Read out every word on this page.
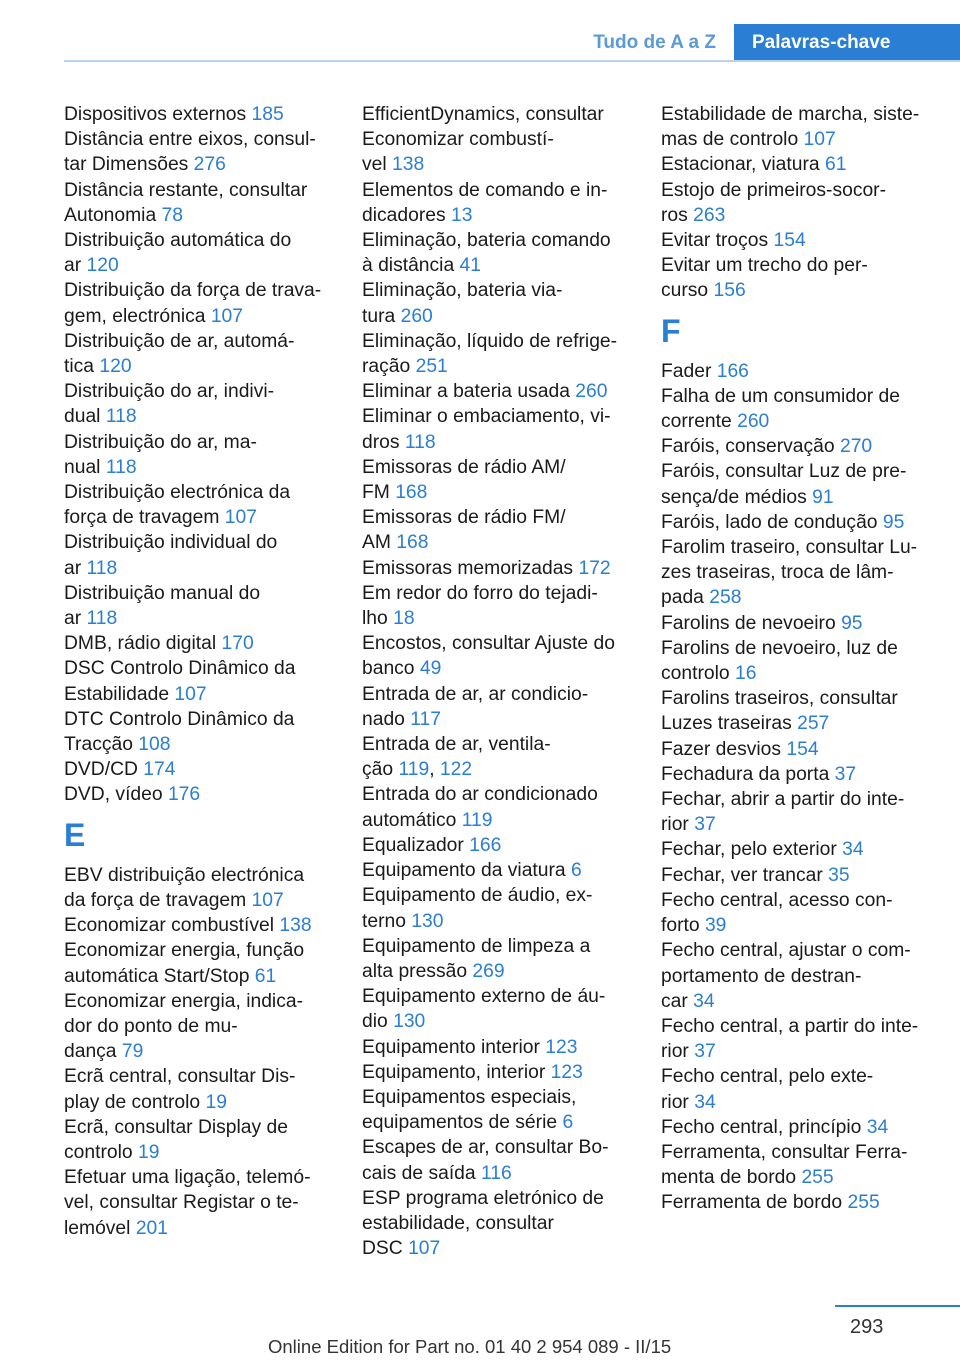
Tudo de A a Z	Palavras-chave
Dispositivos externos 185
Distância entre eixos, consul‐
tar Dimensões 276
Distância restante, consultar
Autonomia 78
Distribuição automática do
ar 120
Distribuição da força de trava‐
gem, electrónica 107
Distribuição de ar, automá‐
tica 120
Distribuição do ar, indivi‐
dual 118
Distribuição do ar, ma‐
nual 118
Distribuição electrónica da
força de travagem 107
Distribuição individual do
ar 118
Distribuição manual do
ar 118
DMB, rádio digital 170
DSC Controlo Dinâmico da
Estabilidade 107
DTC Controlo Dinâmico da
Tracção 108
DVD/CD 174
DVD, vídeo 176
E
EBV distribuição electrónica
da força de travagem 107
Economizar combustível 138
Economizar energia, função
automática Start/Stop 61
Economizar energia, indica‐
dor do ponto de mu‐
dança 79
Ecrã central, consultar Dis‐
play de controlo 19
Ecrã, consultar Display de
controlo 19
Efetuar uma ligação, telemó‐
vel, consultar Registar o te‐
lemóvel 201
EfficientDynamics, consultar
Economizar combustí‐
vel 138
Elementos de comando e in‐
dicadores 13
Eliminação, bateria comando
à distância 41
Eliminação, bateria via‐
tura 260
Eliminação, líquido de refrige‐
ração 251
Eliminar a bateria usada 260
Eliminar o embaciamento, vi‐
dros 118
Emissoras de rádio AM/
FM 168
Emissoras de rádio FM/
AM 168
Emissoras memorizadas 172
Em redor do forro do tejadi‐
lho 18
Encostos, consultar Ajuste do
banco 49
Entrada de ar, ar condicio‐
nado 117
Entrada de ar, ventila‐
ção 119, 122
Entrada do ar condicionado
automático 119
Equalizador 166
Equipamento da viatura 6
Equipamento de áudio, ex‐
terno 130
Equipamento de limpeza a
alta pressão 269
Equipamento externo de áu‐
dio 130
Equipamento interior 123
Equipamento, interior 123
Equipamentos especiais,
equipamentos de série 6
Escapes de ar, consultar Bo‐
cais de saída 116
ESP programa eletrónico de
estabilidade, consultar
DSC 107
Estabilidade de marcha, siste‐
mas de controlo 107
Estacionar, viatura 61
Estojo de primeiros-socor‐
ros 263
Evitar troços 154
Evitar um trecho do per‐
curso 156
F
Fader 166
Falha de um consumidor de
corrente 260
Faróis, conservação 270
Faróis, consultar Luz de pre‐
sença/de médios 91
Faróis, lado de condução 95
Farolim traseiro, consultar Lu‐
zes traseiras, troca de lâm‐
pada 258
Farolins de nevoeiro 95
Farolins de nevoeiro, luz de
controlo 16
Farolins traseiros, consultar
Luzes traseiras 257
Fazer desvios 154
Fechadura da porta 37
Fechar, abrir a partir do inte‐
rior 37
Fechar, pelo exterior 34
Fechar, ver trancar 35
Fecho central, acesso con‐
forto 39
Fecho central, ajustar o com‐
portamento de destran‐
car 34
Fecho central, a partir do inte‐
rior 37
Fecho central, pelo exte‐
rior 34
Fecho central, princípio 34
Ferramenta, consultar Ferra‐
menta de bordo 255
Ferramenta de bordo 255
293
Online Edition for Part no. 01 40 2 954 089 - II/15
